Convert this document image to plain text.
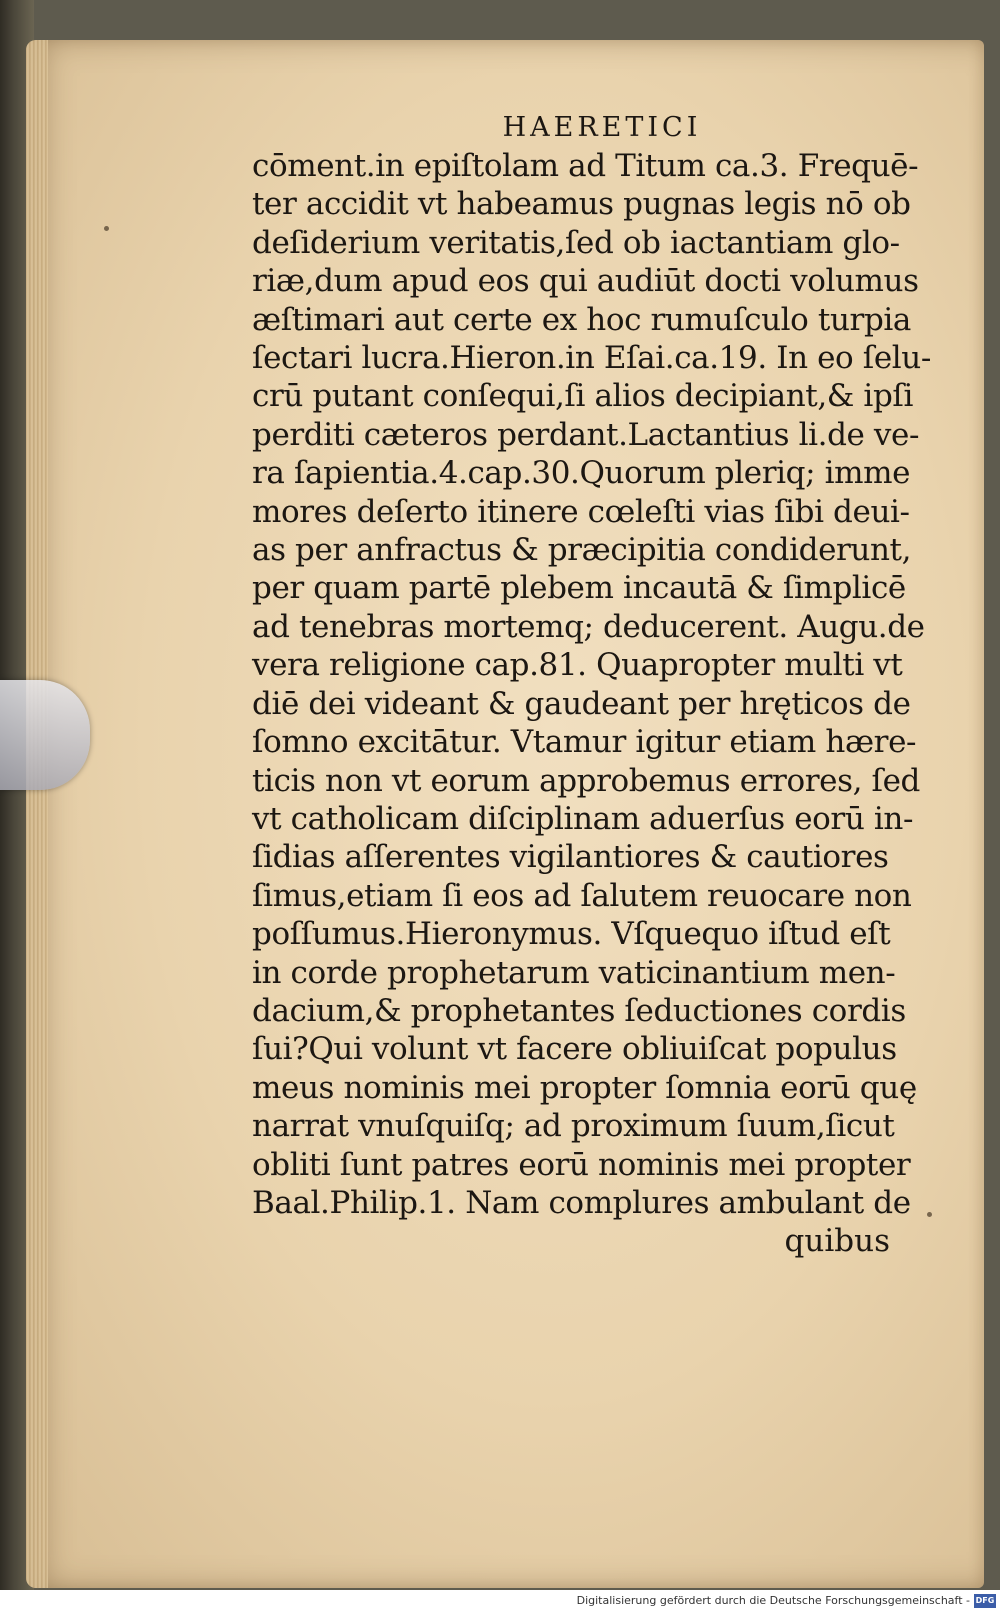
HAERETICI
cōment.in epiſtolam ad Titum ca.3. Frequē-
ter accidit vt habeamus pugnas legis nō ob
deſiderium veritatis,ſed ob iactantiam glo-
riæ,dum apud eos qui audiūt docti volumus
æſtimari aut certe ex hoc rumuſculo turpia
ſectari lucra.Hieron.in Eſai.ca.19. In eo ſelu-
crū putant conſequi,ſi alios decipiant,& ipſi
perditi cæteros perdant.Lactantius li.de ve-
ra ſapientia.4.cap.30.Quorum pleriq; imme
mores deſerto itinere cœleſti vias ſibi deui-
as per anfractus & præcipitia condiderunt,
per quam partē plebem incautā & ſimplicē
ad tenebras mortemq; deducerent. Augu.de
vera religione cap.81. Quapropter multi vt
diē dei videant & gaudeant per hręticos de
ſomno excitātur. Vtamur igitur etiam hære-
ticis non vt eorum approbemus errores, ſed
vt catholicam diſciplinam aduerſus eorū in-
ſidias aſſerentes vigilantiores & cautiores
ſimus,etiam ſi eos ad ſalutem reuocare non
poſſumus.Hieronymus. Vſquequo iſtud eſt
in corde prophetarum vaticinantium men-
dacium,& prophetantes ſeductiones cordis
ſui?Qui volunt vt facere obliuiſcat populus
meus nominis mei propter ſomnia eorū quę
narrat vnuſquiſq; ad proximum ſuum,ſicut
obliti ſunt patres eorū nominis mei propter
Baal.Philip.1. Nam complures ambulant de
quibus
Digitalisierung gefördert durch die Deutsche Forschungsgemeinschaft - DFG
